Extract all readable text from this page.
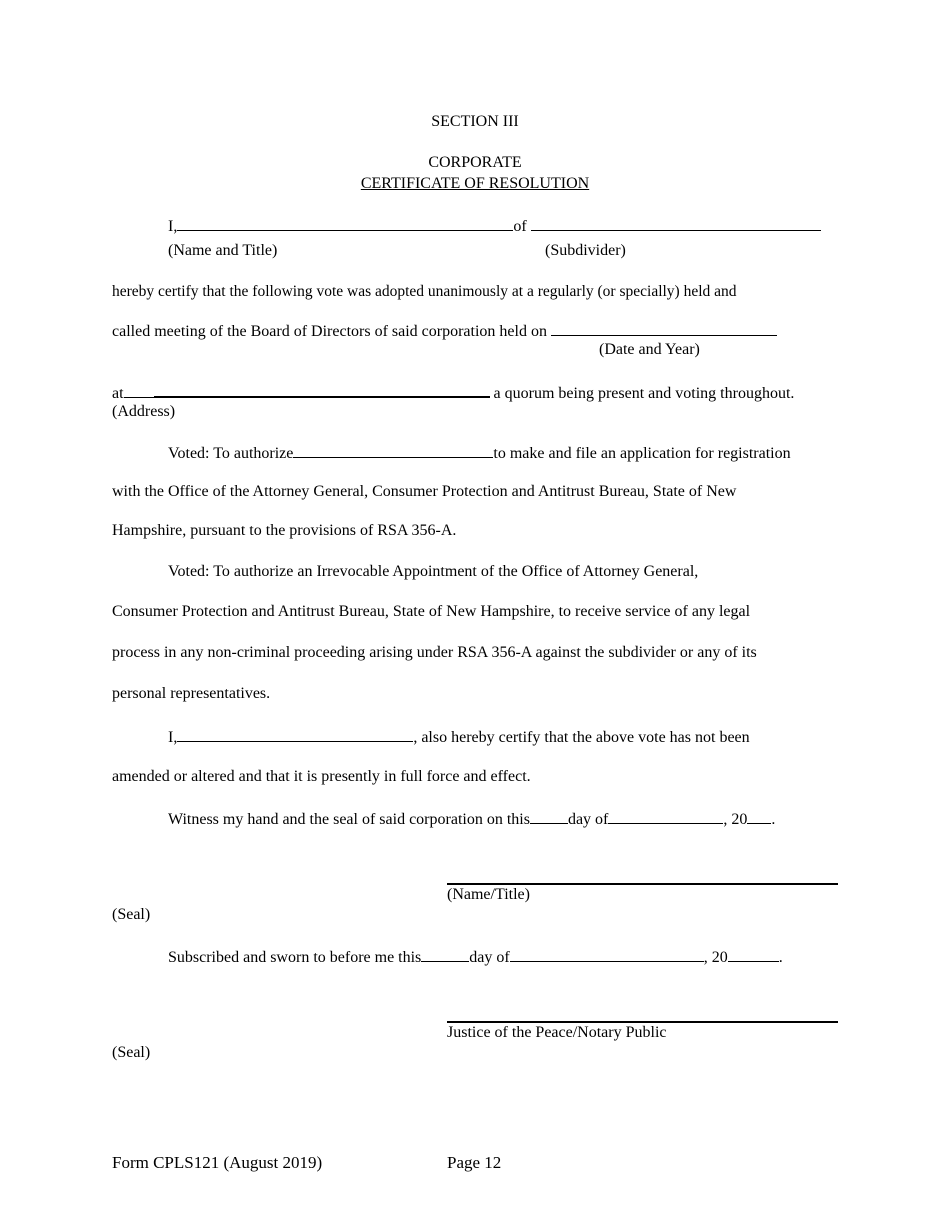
SECTION III
CORPORATE
CERTIFICATE OF RESOLUTION
I,	of
(Name and Title)	(Subdivider)
hereby certify that the following vote was adopted unanimously at a regularly (or specially) held and
called meeting of the Board of Directors of said corporation held on
(Date and Year)
at	a quorum being present and voting throughout.
(Address)
Voted: To authorize	to make and file an application for registration
with the Office of the Attorney General, Consumer Protection and Antitrust Bureau, State of New
Hampshire, pursuant to the provisions of RSA 356-A.
Voted: To authorize an Irrevocable Appointment of the Office of Attorney General,
Consumer Protection and Antitrust Bureau, State of New Hampshire, to receive service of any legal
process in any non-criminal proceeding arising under RSA 356-A against the subdivider or any of its
personal representatives.
I,	, also hereby certify that the above vote has not been
amended or altered and that it is presently in full force and effect.
Witness my hand and the seal of said corporation on this day of	, 20 .
(Name/Title)
(Seal)
Subscribed and sworn to before me this	day of	, 20	.
Justice of the Peace/Notary Public
(Seal)
Form CPLS121 (August 2019)	Page 12
